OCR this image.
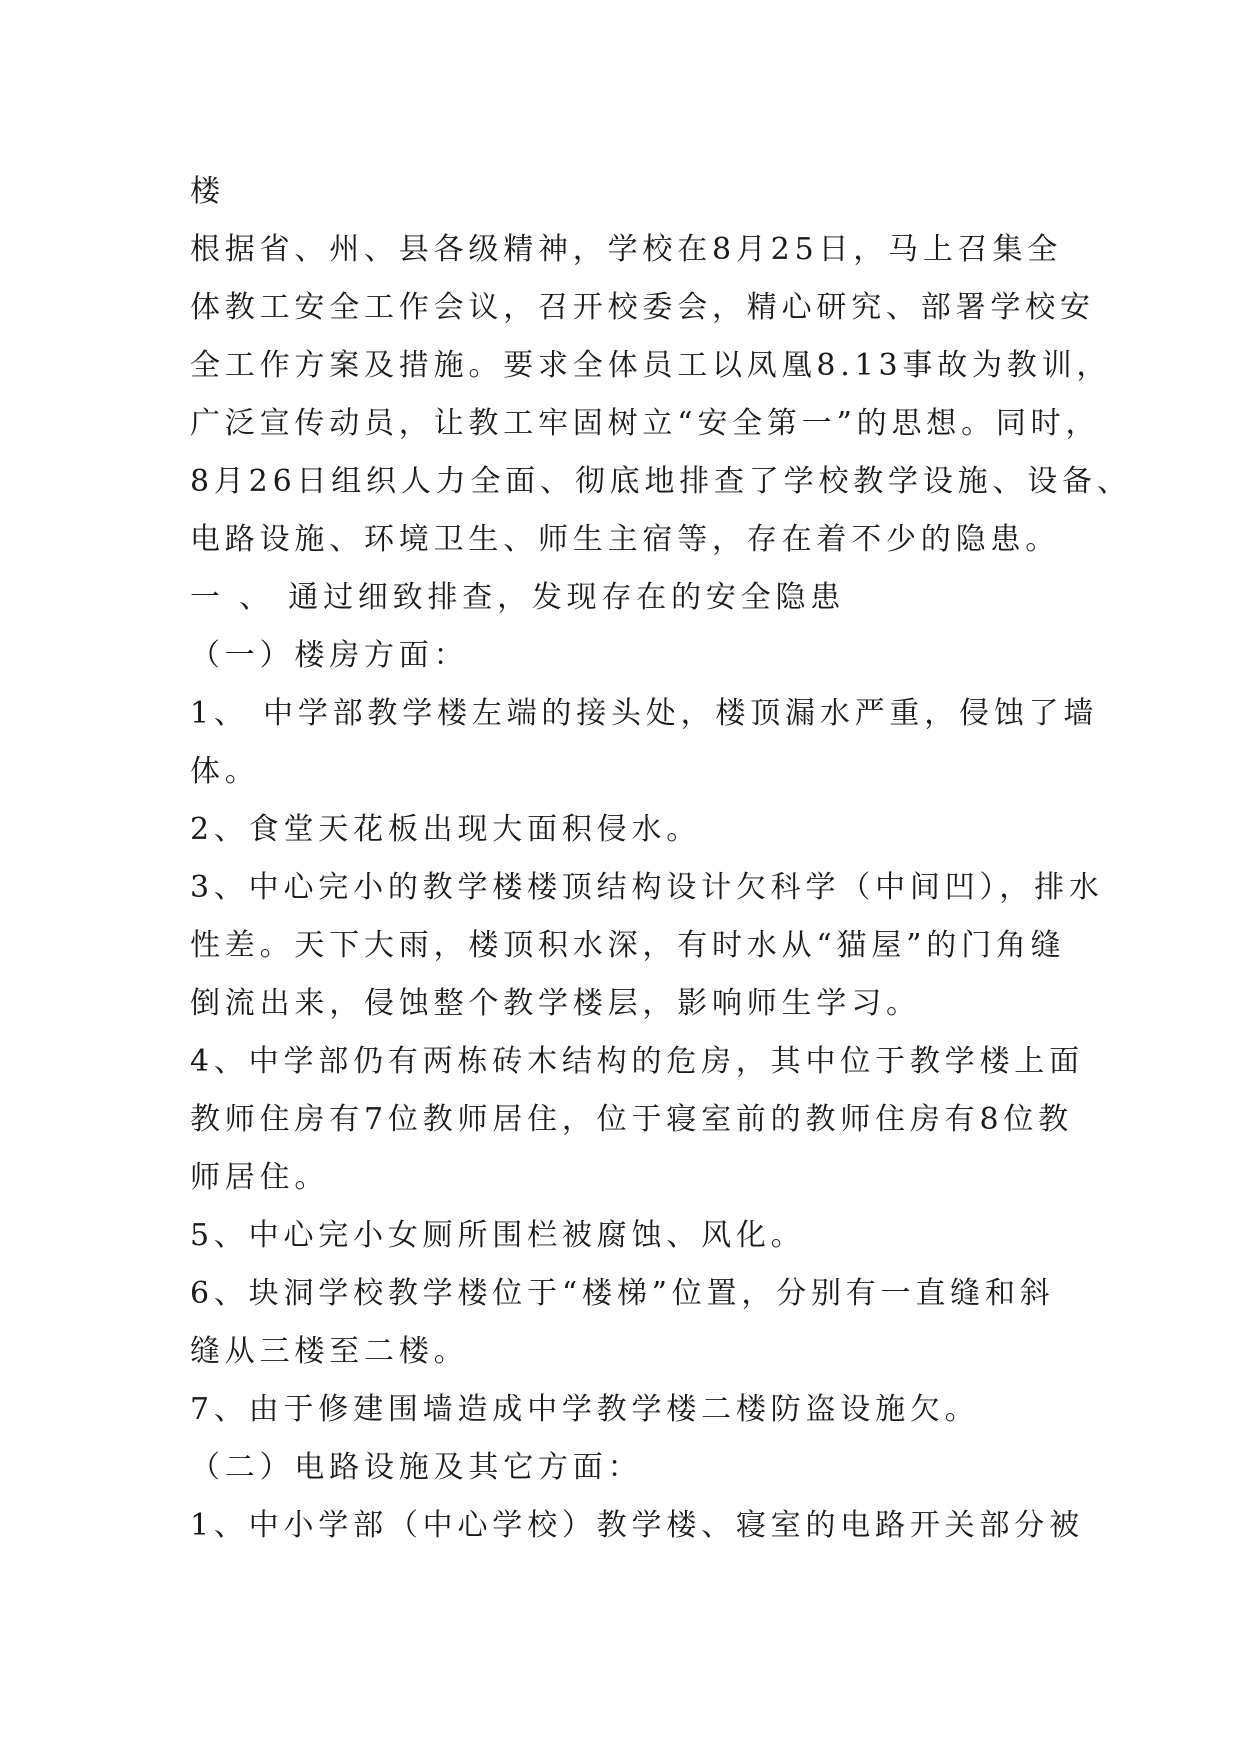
楼
根据省、州、县各级精神，学校在8月25日，马上召集全
体教工安全工作会议，召开校委会，精心研究、部署学校安
全工作方案及措施。要求全体员工以凤凰8.13事故为教训，
广泛宣传动员，让教工牢固树立“安全第一”的思想。同时，
8月26日组织人力全面、彻底地排查了学校教学设施、设备、
电路设施、环境卫生、师生主宿等，存在着不少的隐患。
一 、 通过细致排查，发现存在的安全隐患
（一）楼房方面：
1、 中学部教学楼左端的接头处，楼顶漏水严重，侵蚀了墙
体。
2、食堂天花板出现大面积侵水。
3、中心完小的教学楼楼顶结构设计欠科学（中间凹），排水
性差。天下大雨，楼顶积水深，有时水从“猫屋”的门角缝
倒流出来，侵蚀整个教学楼层，影响师生学习。
4、中学部仍有两栋砖木结构的危房，其中位于教学楼上面
教师住房有7位教师居住，位于寝室前的教师住房有8位教
师居住。
5、中心完小女厕所围栏被腐蚀、风化。
6、块洞学校教学楼位于“楼梯”位置，分别有一直缝和斜
缝从三楼至二楼。
7、由于修建围墙造成中学教学楼二楼防盗设施欠。
（二）电路设施及其它方面：
1、中小学部（中心学校）教学楼、寝室的电路开关部分被
